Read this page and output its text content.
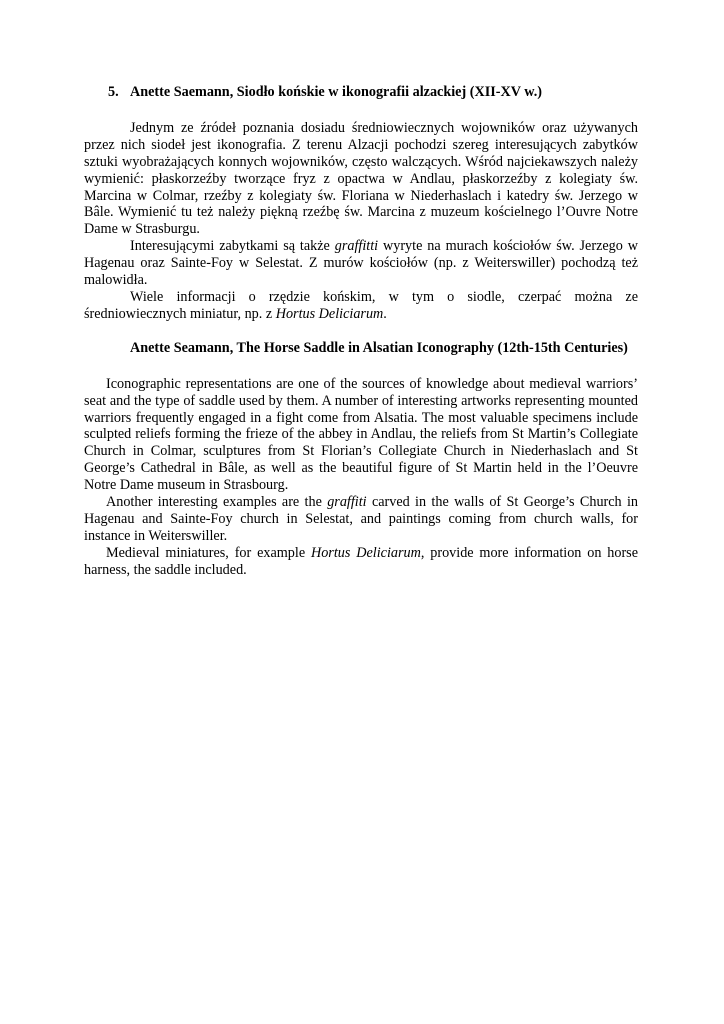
5. Anette Saemann, Siodło końskie w ikonografii alzackiej (XII-XV w.)

Jednym ze źródeł poznania dosiadu średniowiecznych wojowników oraz używanych przez nich siodeł jest ikonografia. Z terenu Alzacji pochodzi szereg interesujących zabytków sztuki wyobrażających konnych wojowników, często walczących. Wśród najciekawszych należy wymienić: płaskorzeźby tworzące fryz z opactwa w Andlau, płaskorzeźby z kolegiaty św. Marcina w Colmar, rzeźby z kolegiaty św. Floriana w Niederhaslach i katedry św. Jerzego w Bâle. Wymienić tu też należy piękną rzeźbę św. Marcina z muzeum kościelnego l’Ouvre Notre Dame w Strasburgu.

Interesującymi zabytkami są także graffitti wyryte na murach kościołów św. Jerzego w Hagenau oraz Sainte-Foy w Selestat. Z murów kościołów (np. z Weiterswiller) pochodzą też malowidła.

Wiele informacji o rzędzie końskim, w tym o siodle, czerpać można ze średniowiecznych miniatur, np. z Hortus Deliciarum.

Anette Seamann, The Horse Saddle in Alsatian Iconography (12th-15th Centuries)

Iconographic representations are one of the sources of knowledge about medieval warriors’ seat and the type of saddle used by them. A number of interesting artworks representing mounted warriors frequently engaged in a fight come from Alsatia. The most valuable specimens include sculpted reliefs forming the frieze of the abbey in Andlau, the reliefs from St Martin’s Collegiate Church in Colmar, sculptures from St Florian’s Collegiate Church in Niederhaslach and St George’s Cathedral in Bâle, as well as the beautiful figure of St Martin held in the l’Oeuvre Notre Dame museum in Strasbourg.

Another interesting examples are the graffiti carved in the walls of St George’s Church in Hagenau and Sainte-Foy church in Selestat, and paintings coming from church walls, for instance in Weiterswiller.

Medieval miniatures, for example Hortus Deliciarum, provide more information on horse harness, the saddle included.
